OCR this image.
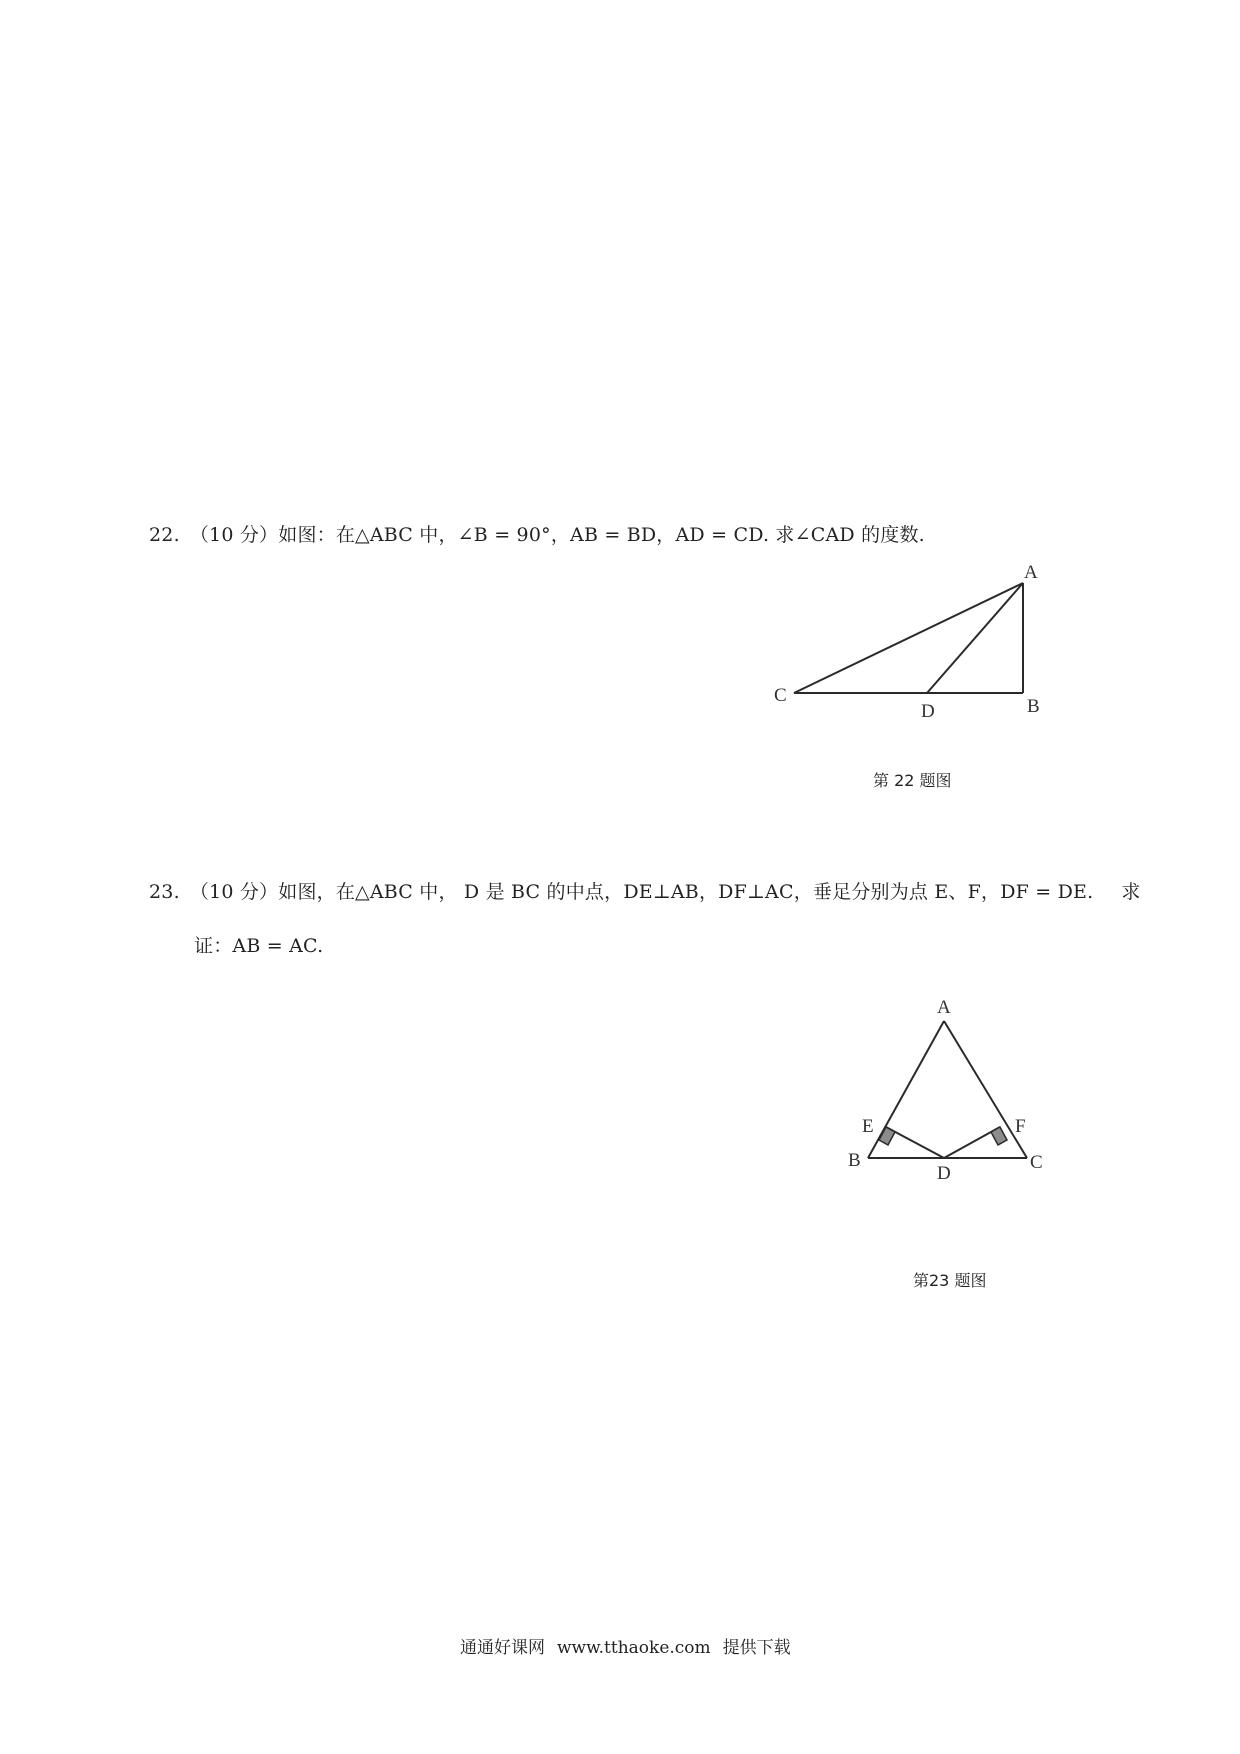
22. （10 分）如图：在△ABC 中，∠B = 90°，AB = BD，AD = CD. 求∠CAD 的度数.
A
B
C
D
第 22 题图
23. （10 分）如图，在△ABC 中， D 是 BC 的中点，DE⊥AB，DF⊥AC，垂足分别为点 E、F，DF = DE. 求
证：AB = AC.
A
E	F
B	C
D
第23 题图
通通好课网 www.tthaoke.com 提供下载
